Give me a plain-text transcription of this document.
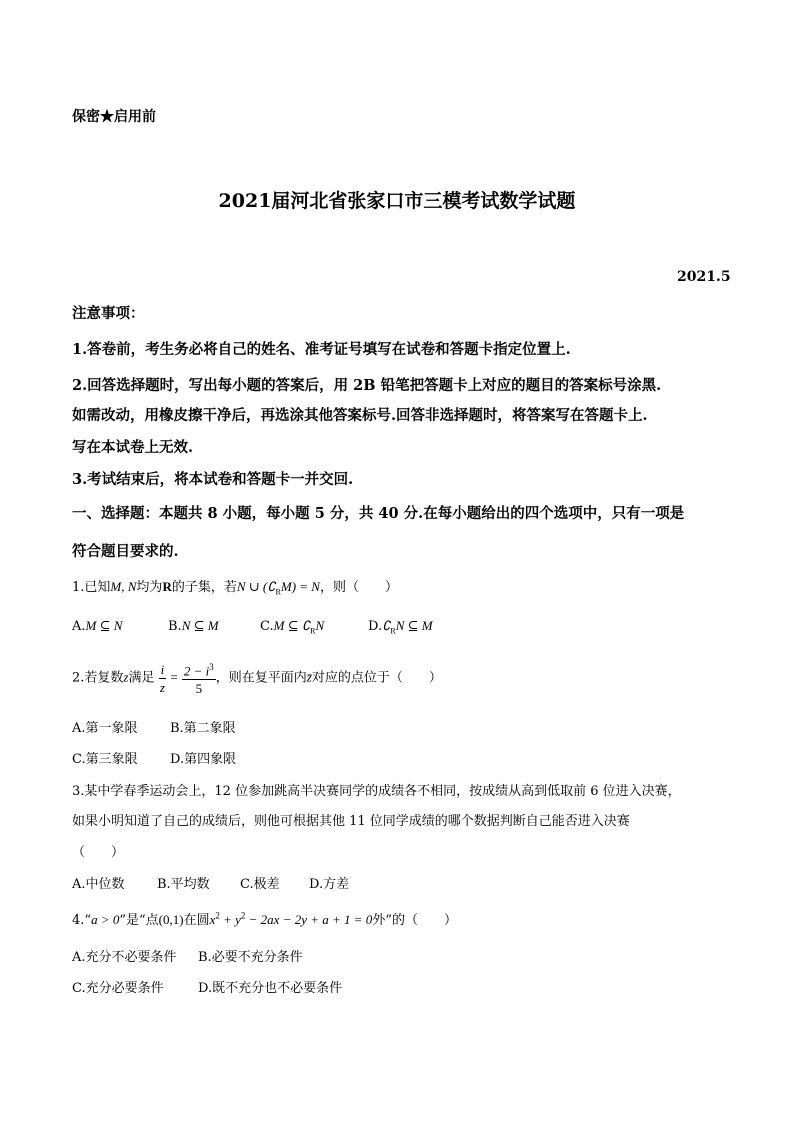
保密★启用前
2021届河北省张家口市三模考试数学试题
2021.5
注意事项：
1.答卷前，考生务必将自己的姓名、准考证号填写在试卷和答题卡指定位置上.
2.回答选择题时，写出每小题的答案后，用 2B 铅笔把答题卡上对应的题目的答案标号涂黑.
如需改动，用橡皮擦干净后，再选涂其他答案标号.回答非选择题时，将答案写在答题卡上.
写在本试卷上无效.
3.考试结束后，将本试卷和答题卡一并交回.
一、选择题：本题共 8 小题，每小题 5 分，共 40 分.在每小题给出的四个选项中，只有一项是
符合题目要求的.
1.已知M, N均为R的子集，若N ∪ $(∁_RM) = N$，则（　　）
A.M ⊆ N	B.N ⊆ M	C.M ⊆ $∁_RN$	$D.∁_RN$ ⊆ M
2.若复数z满足 $\frac{i}{z} = \frac{2 - i^3}{5}$ ，则在复平面内z̄对应的点位于（　　）
A.第一象限 B.第二象限
C.第三象限 D.第四象限
3.某中学春季运动会上，12 位参加跳高半决赛同学的成绩各不相同，按成绩从高到低取前 6 位进入决赛，
如果小明知道了自己的成绩后，则他可根据其他 11 位同学成绩的哪个数据判断自己能否进入决赛
（　　）
A.中位数 B.平均数 C.极差 D.方差
4.“a > 0”是“点(0,1)在圆$x^2 + y^2 - 2ax - 2y + a + 1 = 0$外”的（　　）
A.充分不必要条件 B.必要不充分条件
C.充分必要条件	D.既不充分也不必要条件
